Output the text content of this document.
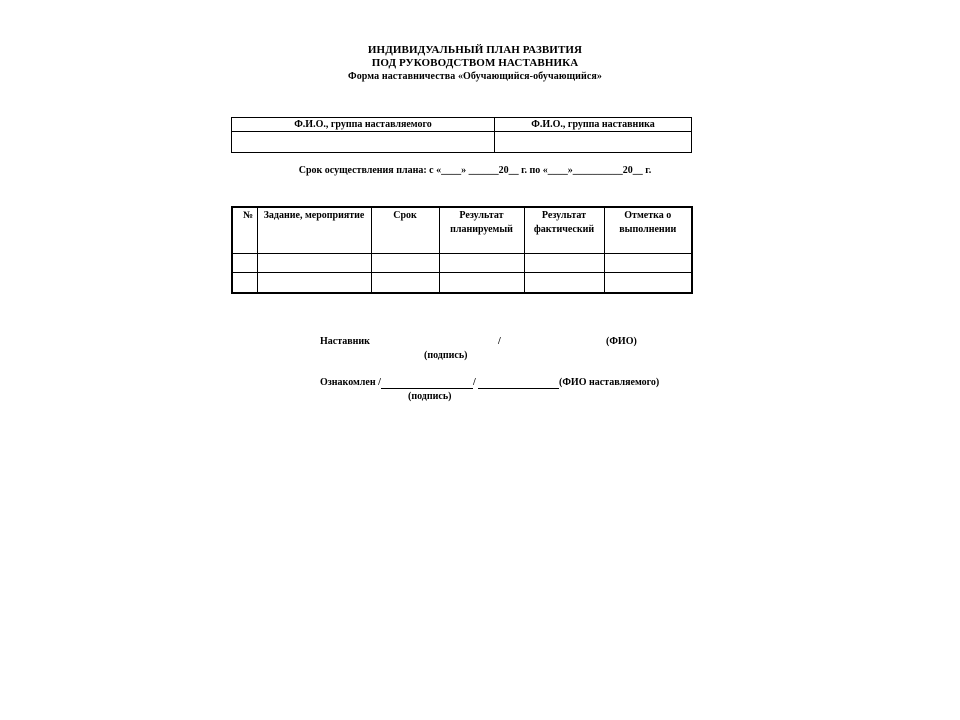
ИНДИВИДУАЛЬНЫЙ ПЛАН РАЗВИТИЯ
ПОД РУКОВОДСТВОМ НАСТАВНИКА
Форма наставничества «Обучающийся-обучающийся»
Ф.И.О., группа наставляемого	Ф.И.О., группа наставника

Срок осуществления плана: с «____» ______20__ г. по «____»__________20__ г.
№	Задание, мероприятие	Срок	Результат планируемый	Результат фактический	Отметка о выполнении

Наставник	/	(ФИО)
(подпись)
Ознакомлен /	/	(ФИО наставляемого)
(подпись)
